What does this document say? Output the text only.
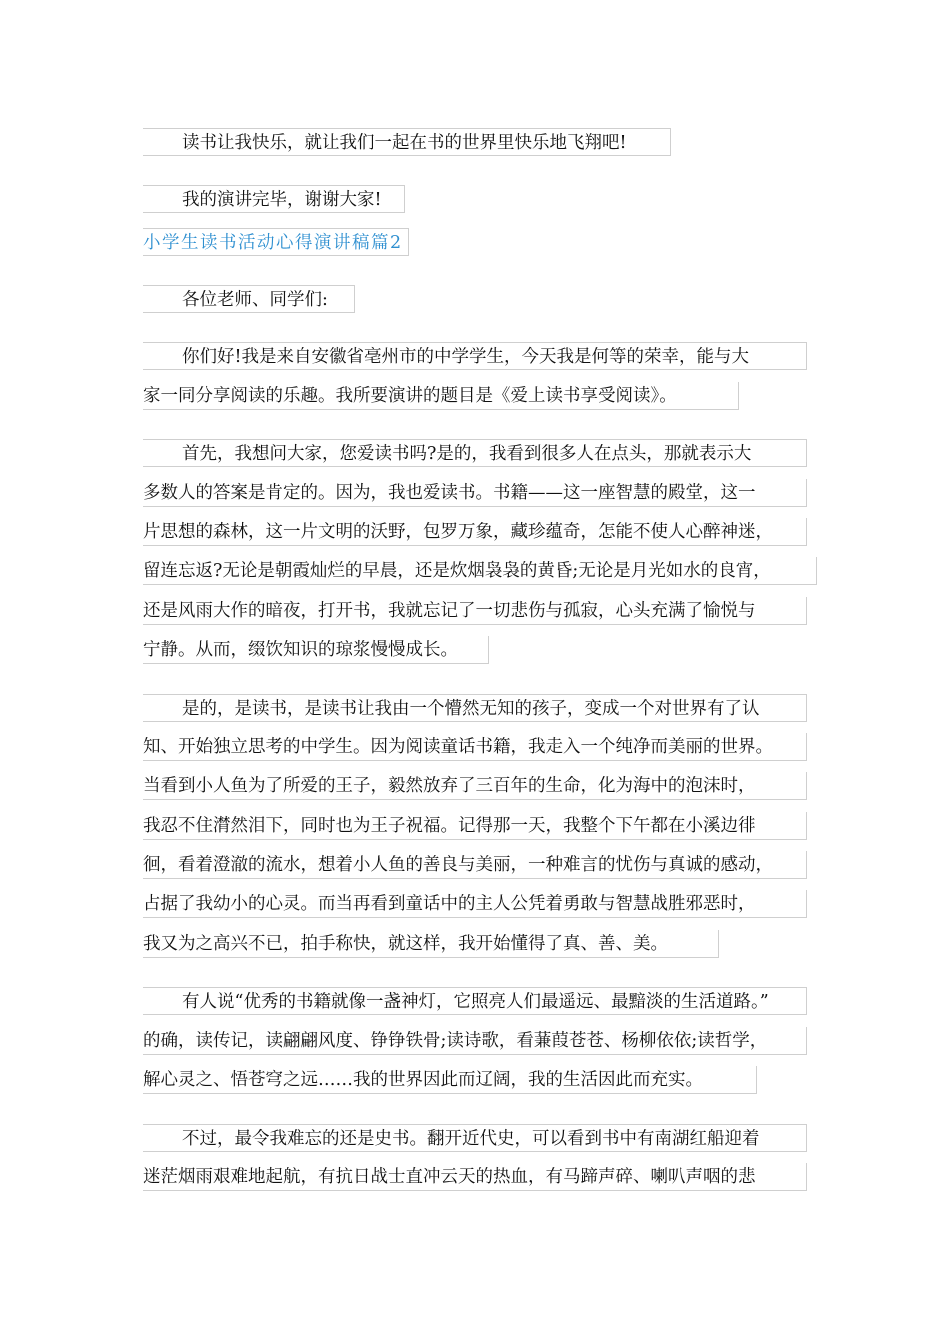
读书让我快乐，就让我们一起在书的世界里快乐地飞翔吧!
我的演讲完毕，谢谢大家!
小学生读书活动心得演讲稿篇2
各位老师、同学们:
你们好!我是来自安徽省亳州市的中学学生，今天我是何等的荣幸，能与大
家一同分享阅读的乐趣。我所要演讲的题目是《爱上读书享受阅读》。
首先，我想问大家，您爱读书吗?是的，我看到很多人在点头，那就表示大
多数人的答案是肯定的。因为，我也爱读书。书籍——这一座智慧的殿堂，这一
片思想的森林，这一片文明的沃野，包罗万象，藏珍蕴奇，怎能不使人心醉神迷，
留连忘返?无论是朝霞灿烂的早晨，还是炊烟袅袅的黄昏;无论是月光如水的良宵，
还是风雨大作的暗夜，打开书，我就忘记了一切悲伤与孤寂，心头充满了愉悦与
宁静。从而，缀饮知识的琼浆慢慢成长。
是的，是读书，是读书让我由一个懵然无知的孩子，变成一个对世界有了认
知、开始独立思考的中学生。因为阅读童话书籍，我走入一个纯净而美丽的世界。
当看到小人鱼为了所爱的王子，毅然放弃了三百年的生命，化为海中的泡沫时，
我忍不住潸然泪下，同时也为王子祝福。记得那一天，我整个下午都在小溪边徘
徊，看着澄澈的流水，想着小人鱼的善良与美丽，一种难言的忧伤与真诚的感动，
占据了我幼小的心灵。而当再看到童话中的主人公凭着勇敢与智慧战胜邪恶时，
我又为之高兴不已，拍手称快，就这样，我开始懂得了真、善、美。
有人说“优秀的书籍就像一盏神灯，它照亮人们最遥远、最黯淡的生活道路。”
的确，读传记，读翩翩风度、铮铮铁骨;读诗歌，看蒹葭苍苍、杨柳依依;读哲学，
解心灵之、悟苍穹之远……我的世界因此而辽阔，我的生活因此而充实。
不过，最令我难忘的还是史书。翻开近代史，可以看到书中有南湖红船迎着
迷茫烟雨艰难地起航，有抗日战士直冲云天的热血，有马蹄声碎、喇叭声咽的悲
